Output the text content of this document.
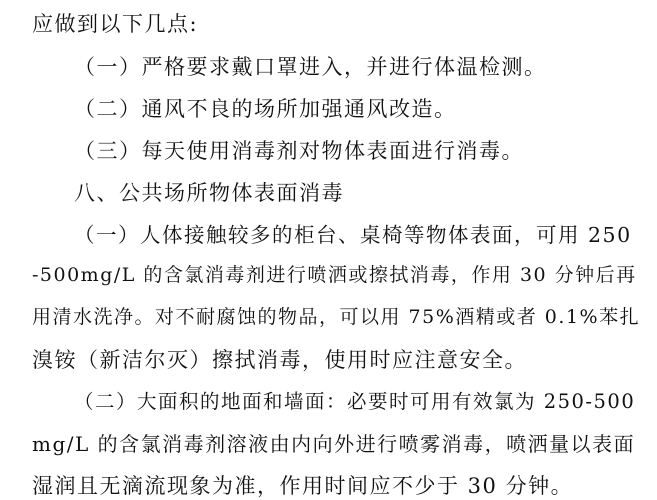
应做到以下几点:
（一）严格要求戴口罩进入，并进行体温检测。
（二）通风不良的场所加强通风改造。
（三）每天使用消毒剂对物体表面进行消毒。
八、公共场所物体表面消毒
（一）人体接触较多的柜台、桌椅等物体表面，可用 250
-500mg/L 的含氯消毒剂进行喷洒或擦拭消毒，作用 30 分钟后再
用清水洗净。对不耐腐蚀的物品，可以用 75%酒精或者 0.1%苯扎
溴铵（新洁尔灭）擦拭消毒，使用时应注意安全。
（二）大面积的地面和墙面：必要时可用有效氯为 250-500
mg/L 的含氯消毒剂溶液由内向外进行喷雾消毒，喷洒量以表面
湿润且无滴流现象为准，作用时间应不少于 30 分钟。
